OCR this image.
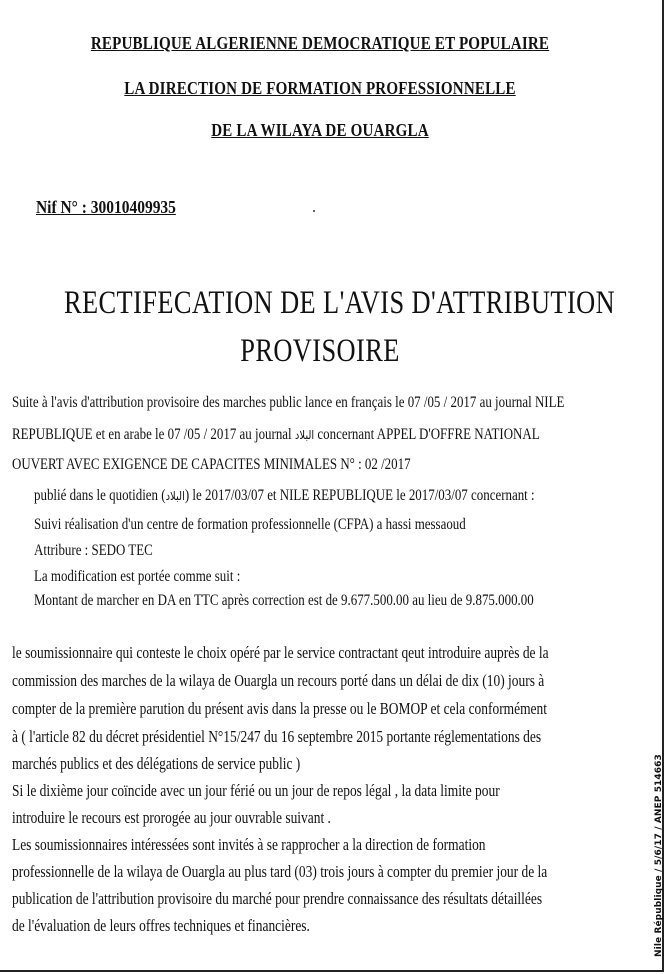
REPUBLIQUE ALGERIENNE DEMOCRATIQUE ET POPULAIRE
LA DIRECTION DE FORMATION PROFESSIONNELLE
DE LA WILAYA DE OUARGLA
Nif N° : 30010409935
RECTIFECATION DE L'AVIS D'ATTRIBUTION
PROVISOIRE
Suite à l'avis d'attribution provisoire des marches public lance en français le 07 /05 / 2017 au journal NILE
REPUBLIQUE et en arabe le 07 /05 / 2017 au journal البلاد concernant APPEL D'OFFRE NATIONAL
OUVERT AVEC EXIGENCE DE CAPACITES MINIMALES N° : 02 /2017
publié dans le quotidien (البلاد) le 2017/03/07 et NILE REPUBLIQUE le 2017/03/07 concernant :
Suivi réalisation d'un centre de formation professionnelle (CFPA) a hassi messaoud
Attribure : SEDO TEC
La modification est portée comme suit :
Montant de marcher en DA en TTC après correction est de 9.677.500.00 au lieu de 9.875.000.00
le soumissionnaire qui conteste le choix opéré par le service contractant qeut introduire auprès de la
commission des marches de la wilaya de Ouargla un recours porté dans un délai de dix (10) jours à
compter de la première parution du présent avis dans la presse ou le BOMOP et cela conformément
à ( l'article 82 du décret présidentiel N°15/247 du 16 septembre 2015 portante réglementations des
marchés publics et des délégations de service public )
Si le dixième jour coïncide avec un jour férié ou un jour de repos légal , la data limite pour
introduire le recours est prorogée au jour ouvrable suivant .
Les soumissionnaires intéressées sont invités à se rapprocher a la direction de formation
professionnelle de la wilaya de Ouargla au plus tard (03) trois jours à compter du premier jour de la
publication de l'attribution provisoire du marché pour prendre connaissance des résultats détaillées
de l'évaluation de leurs offres techniques et financières.	Nile République / 5/6/17 / ANEP 514663
